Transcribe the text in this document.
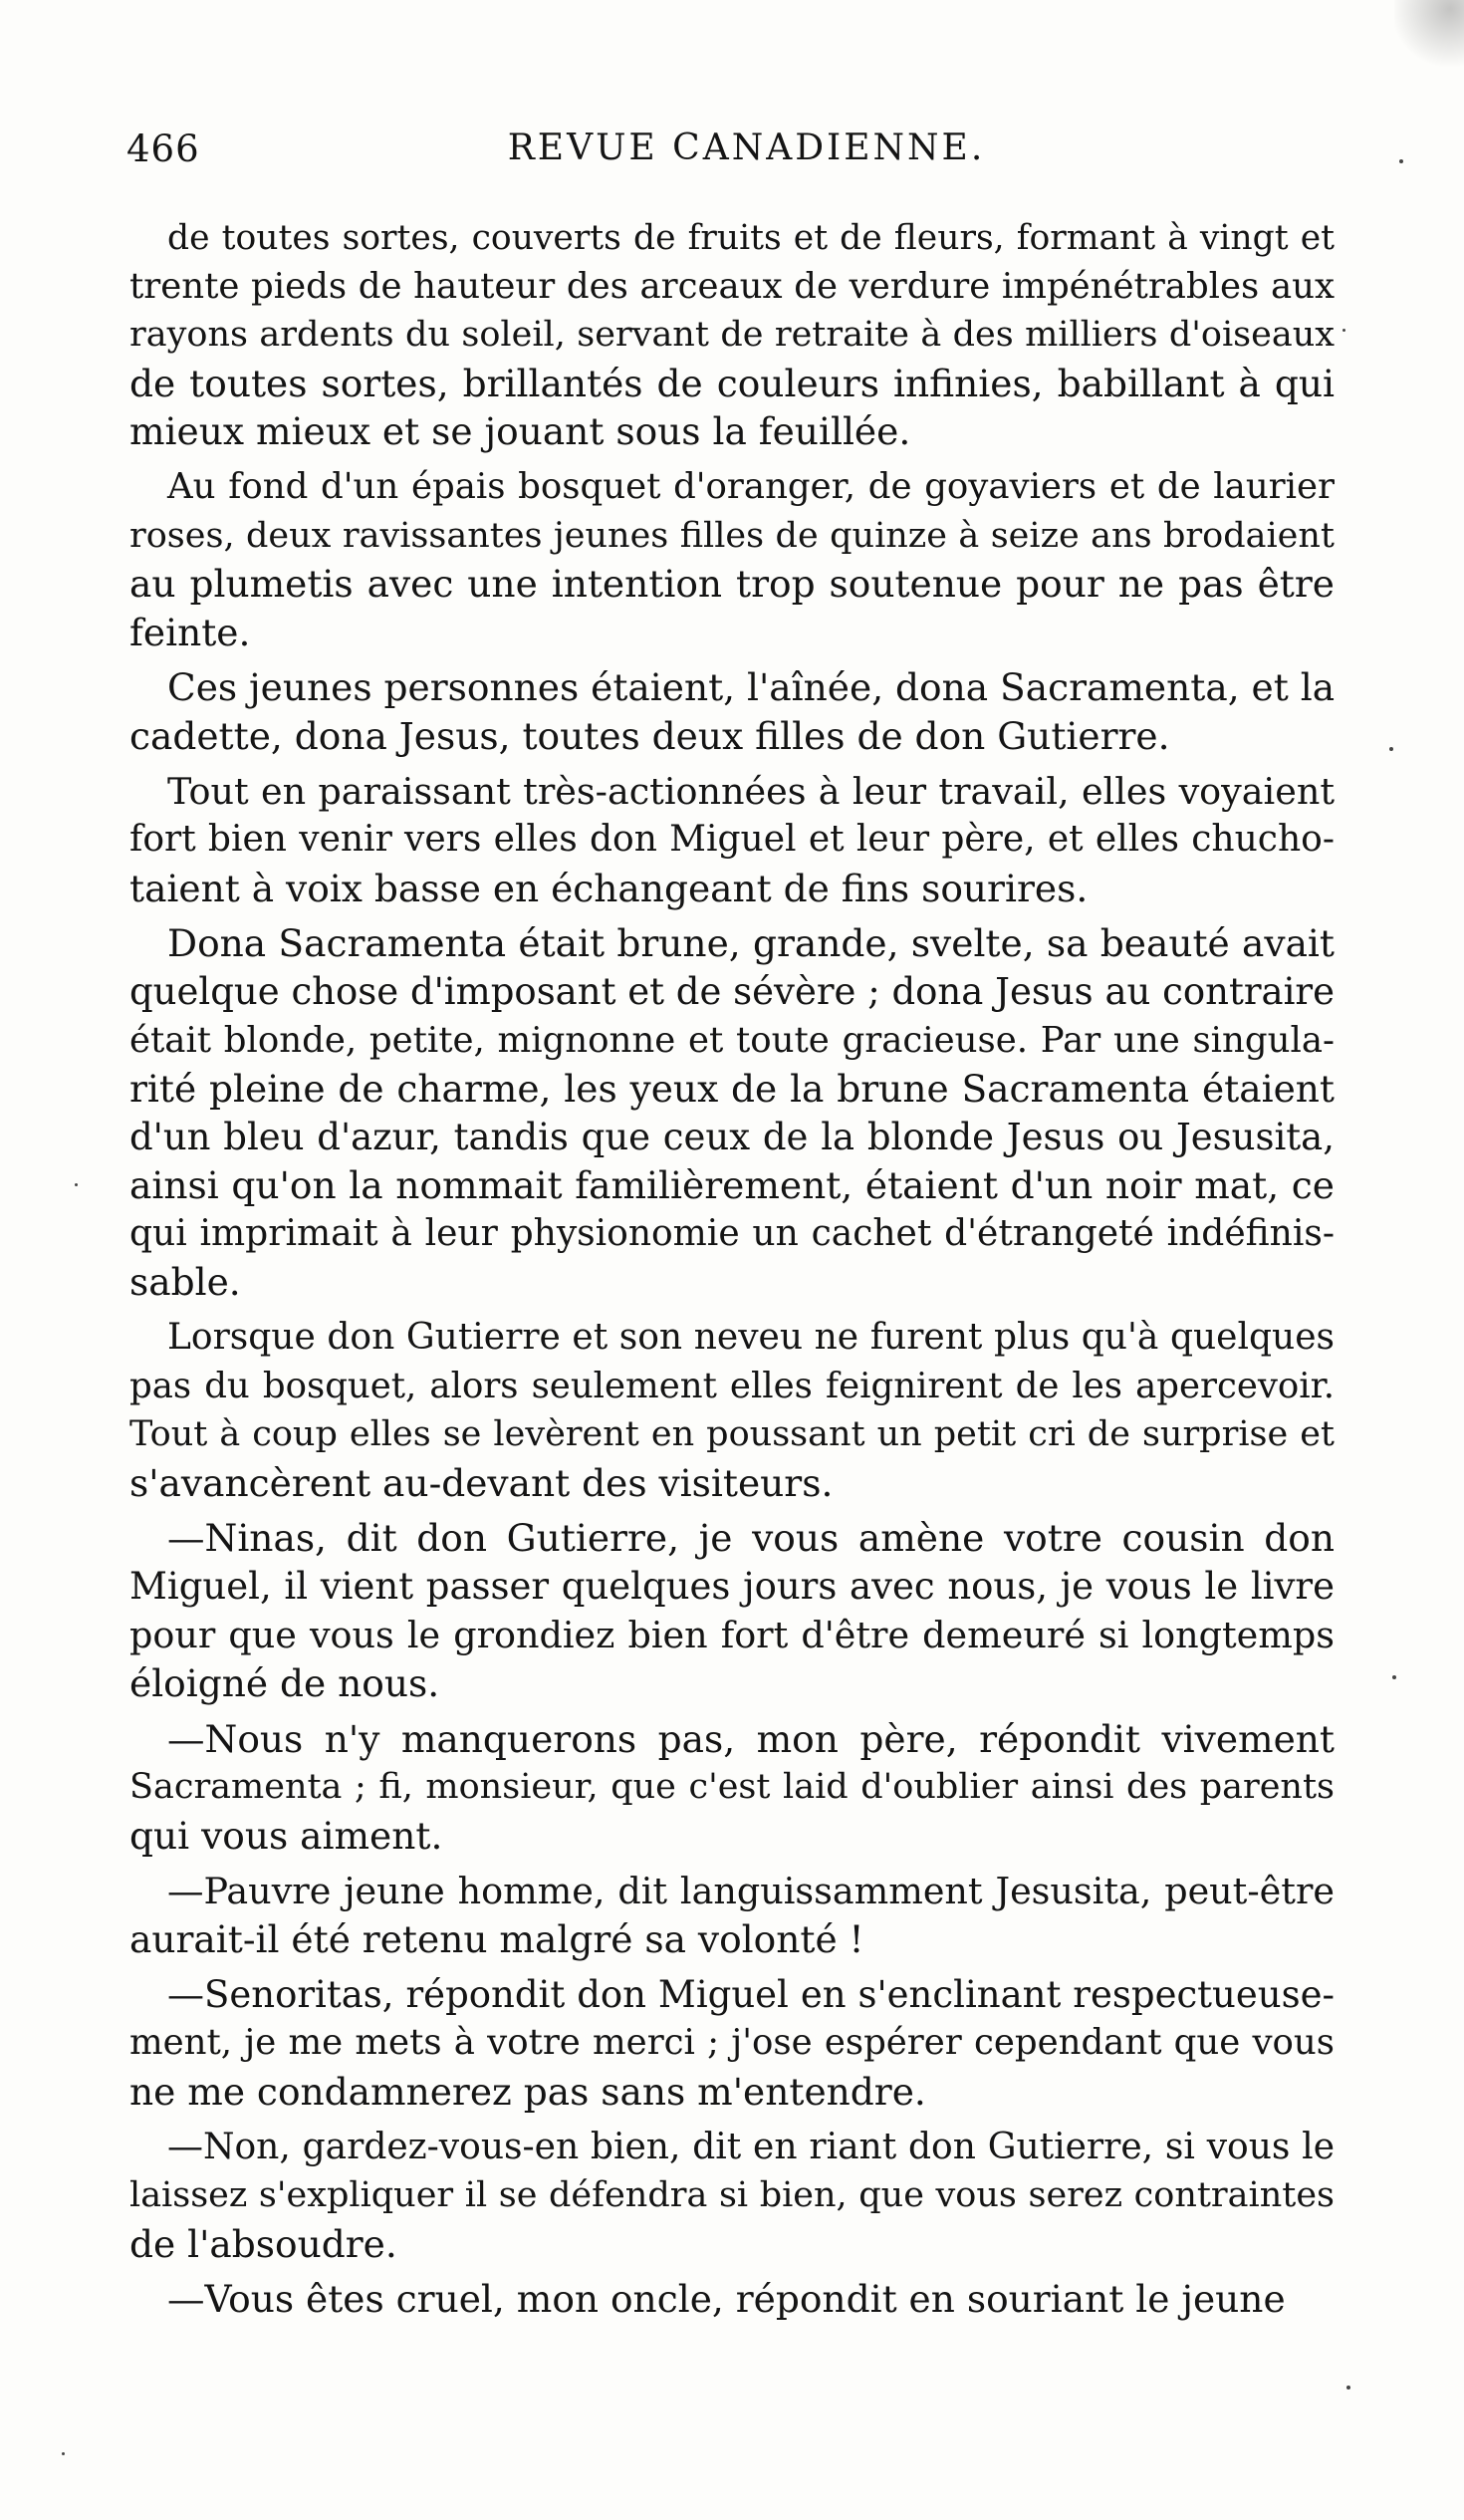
466	REVUE CANADIENNE.
de toutes sortes, couverts de fruits et de fleurs, formant à vingt et
trente pieds de hauteur des arceaux de verdure impénétrables aux
rayons ardents du soleil, servant de retraite à des milliers d'oiseaux
de toutes sortes, brillantés de couleurs infinies, babillant à qui
mieux mieux et se jouant sous la feuillée.
Au fond d'un épais bosquet d'oranger, de goyaviers et de laurier
roses, deux ravissantes jeunes filles de quinze à seize ans brodaient
au plumetis avec une intention trop soutenue pour ne pas être
feinte.
Ces jeunes personnes étaient, l'aînée, dona Sacramenta, et la
cadette, dona Jesus, toutes deux filles de don Gutierre.
Tout en paraissant très-actionnées à leur travail, elles voyaient
fort bien venir vers elles don Miguel et leur père, et elles chucho-
taient à voix basse en échangeant de fins sourires.
Dona Sacramenta était brune, grande, svelte, sa beauté avait
quelque chose d'imposant et de sévère ; dona Jesus au contraire
était blonde, petite, mignonne et toute gracieuse. Par une singula-
rité pleine de charme, les yeux de la brune Sacramenta étaient
d'un bleu d'azur, tandis que ceux de la blonde Jesus ou Jesusita,
ainsi qu'on la nommait familièrement, étaient d'un noir mat, ce
qui imprimait à leur physionomie un cachet d'étrangeté indéfinis-
sable.
Lorsque don Gutierre et son neveu ne furent plus qu'à quelques
pas du bosquet, alors seulement elles feignirent de les apercevoir.
Tout à coup elles se levèrent en poussant un petit cri de surprise et
s'avancèrent au-devant des visiteurs.
—Ninas, dit don Gutierre, je vous amène votre cousin don
Miguel, il vient passer quelques jours avec nous, je vous le livre
pour que vous le grondiez bien fort d'être demeuré si longtemps
éloigné de nous.
—Nous n'y manquerons pas, mon père, répondit vivement
Sacramenta ; fi, monsieur, que c'est laid d'oublier ainsi des parents
qui vous aiment.
—Pauvre jeune homme, dit languissamment Jesusita, peut-être
aurait-il été retenu malgré sa volonté !
—Senoritas, répondit don Miguel en s'enclinant respectueuse-
ment, je me mets à votre merci ; j'ose espérer cependant que vous
ne me condamnerez pas sans m'entendre.
—Non, gardez-vous-en bien, dit en riant don Gutierre, si vous le
laissez s'expliquer il se défendra si bien, que vous serez contraintes
de l'absoudre.
—Vous êtes cruel, mon oncle, répondit en souriant le jeune
